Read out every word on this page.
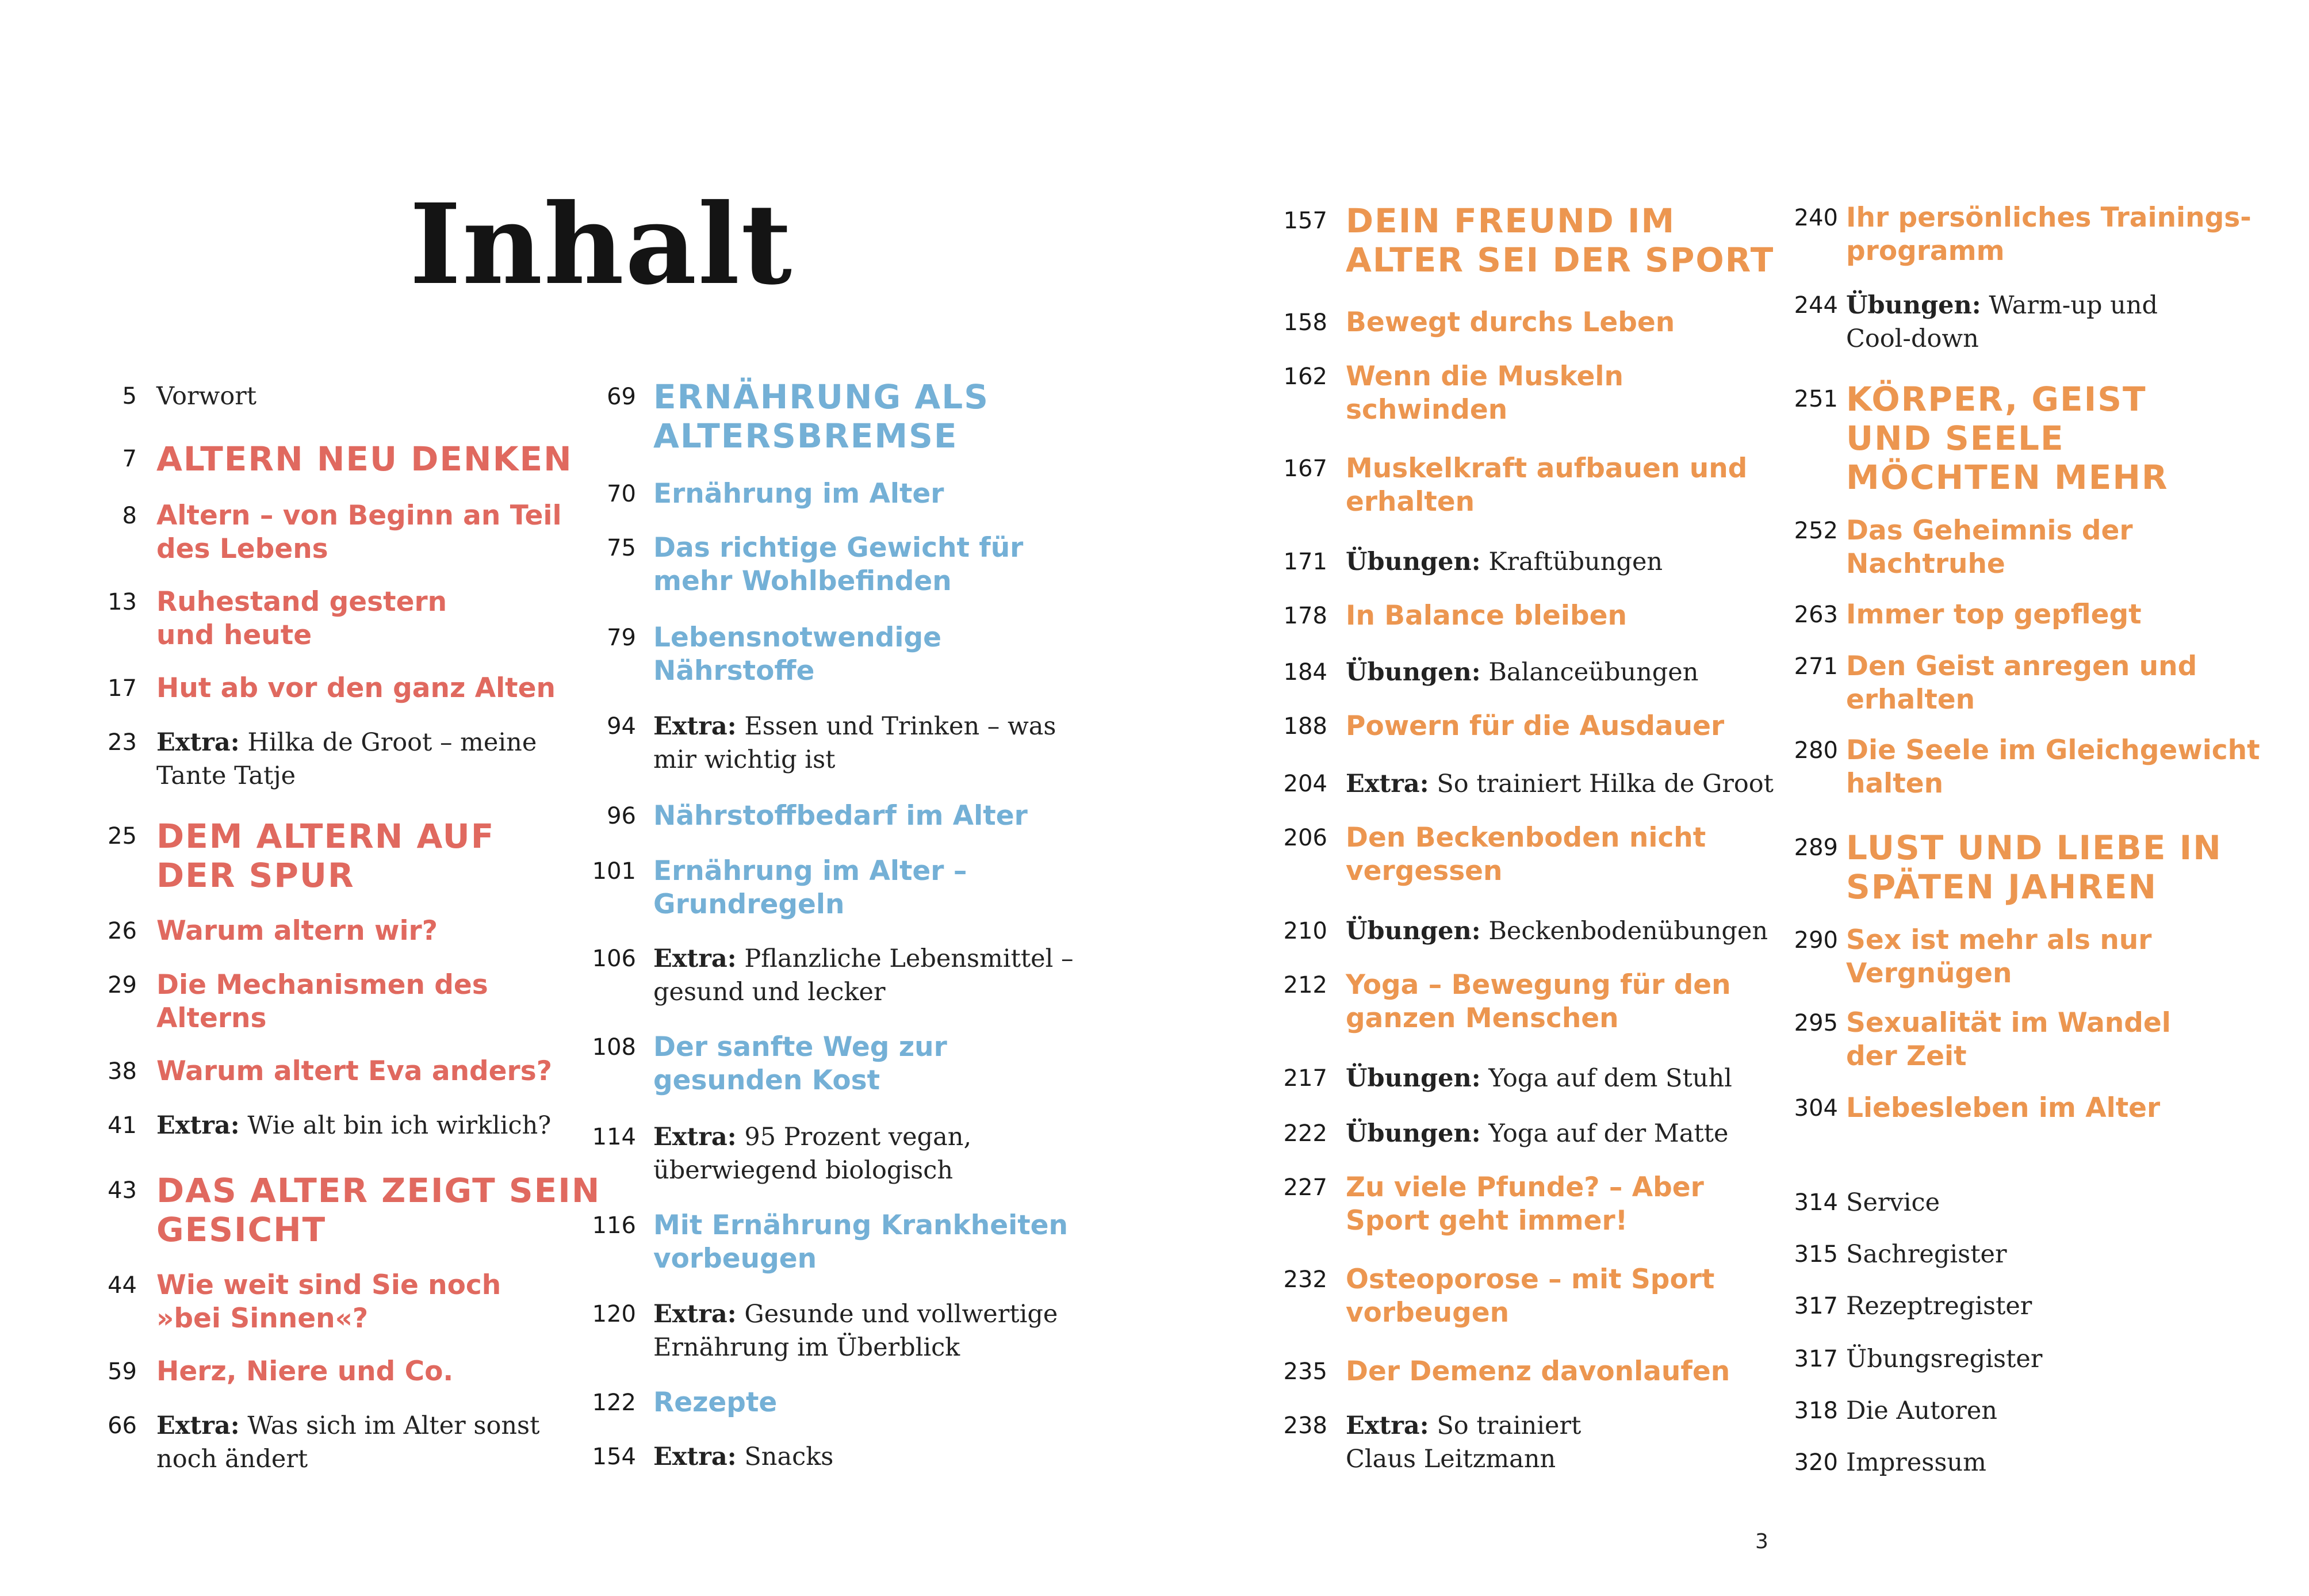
Inhalt
5 Vorwort
7 ALTERN NEU DENKEN
8 Altern – von Beginn an Teil
des Lebens
13 Ruhestand gestern
und heute
17 Hut ab vor den ganz Alten
23 Extra: Hilka de Groot – meine
Tante Tatje
25 DEM ALTERN AUF
DER SPUR
26 Warum altern wir?
29 Die Mechanismen des
Alterns
38 Warum altert Eva anders?
41 Extra: Wie alt bin ich wirklich?
43 DAS ALTER ZEIGT SEIN
GESICHT
44 Wie weit sind Sie noch
»bei Sinnen«?
59 Herz, Niere und Co.
66 Extra: Was sich im Alter sonst
noch ändert
69 ERNÄHRUNG ALS
ALTERSBREMSE
70 Ernährung im Alter
75 Das richtige Gewicht für
mehr Wohlbefinden
79 Lebensnotwendige
Nährstoffe
94 Extra: Essen und Trinken – was
mir wichtig ist
96 Nährstoffbedarf im Alter
101 Ernährung im Alter –
Grundregeln
106 Extra: Pflanzliche Lebensmittel –
gesund und lecker
108 Der sanfte Weg zur
gesunden Kost
114 Extra: 95 Prozent vegan,
überwiegend biologisch
116 Mit Ernährung Krankheiten
vorbeugen
120 Extra: Gesunde und vollwertige
Ernährung im Überblick
122 Rezepte
154 Extra: Snacks
157 DEIN FREUND IM
ALTER SEI DER SPORT
158 Bewegt durchs Leben
162 Wenn die Muskeln
schwinden
167 Muskelkraft aufbauen und
erhalten
171 Übungen: Kraftübungen
178 In Balance bleiben
184 Übungen: Balanceübungen
188 Powern für die Ausdauer
204 Extra: So trainiert Hilka de Groot
206 Den Beckenboden nicht
vergessen
210 Übungen: Beckenbodenübungen
212 Yoga – Bewegung für den
ganzen Menschen
217 Übungen: Yoga auf dem Stuhl
222 Übungen: Yoga auf der Matte
227 Zu viele Pfunde? – Aber
Sport geht immer!
232 Osteoporose – mit Sport
vorbeugen
235 Der Demenz davonlaufen
238 Extra: So trainiert
Claus Leitzmann
240 Ihr persönliches Trainings-
programm
244 Übungen: Warm-up und
Cool-down
251 KÖRPER, GEIST
UND SEELE
MÖCHTEN MEHR
252 Das Geheimnis der
Nachtruhe
263 Immer top gepflegt
271 Den Geist anregen und
erhalten
280 Die Seele im Gleichgewicht
halten
289 LUST UND LIEBE IN
SPÄTEN JAHREN
290 Sex ist mehr als nur
Vergnügen
295 Sexualität im Wandel
der Zeit
304 Liebesleben im Alter
314 Service
315 Sachregister
317 Rezeptregister
317 Übungsregister
318 Die Autoren
320 Impressum
3
